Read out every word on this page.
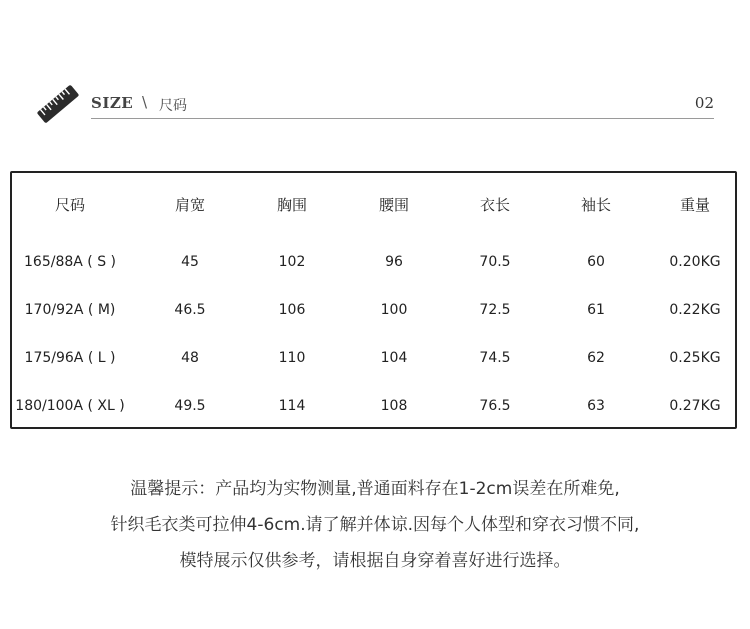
SIZE \ 尺码	02
尺码	肩宽	胸围	腰围	衣长	袖长	重量
165/88A ( S )	45	102	96	70.5	60	0.20KG
170/92A ( M)	46.5	106	100	72.5	61	0.22KG
175/96A ( L )	48	110	104	74.5	62	0.25KG
180/100A ( XL )	49.5	114	108	76.5	63	0.27KG
温馨提示：产品均为实物测量,普通面料存在1-2cm误差在所难免,
针织毛衣类可拉伸4-6cm.请了解并体谅.因每个人体型和穿衣习惯不同,
模特展示仅供参考，请根据自身穿着喜好进行选择。
